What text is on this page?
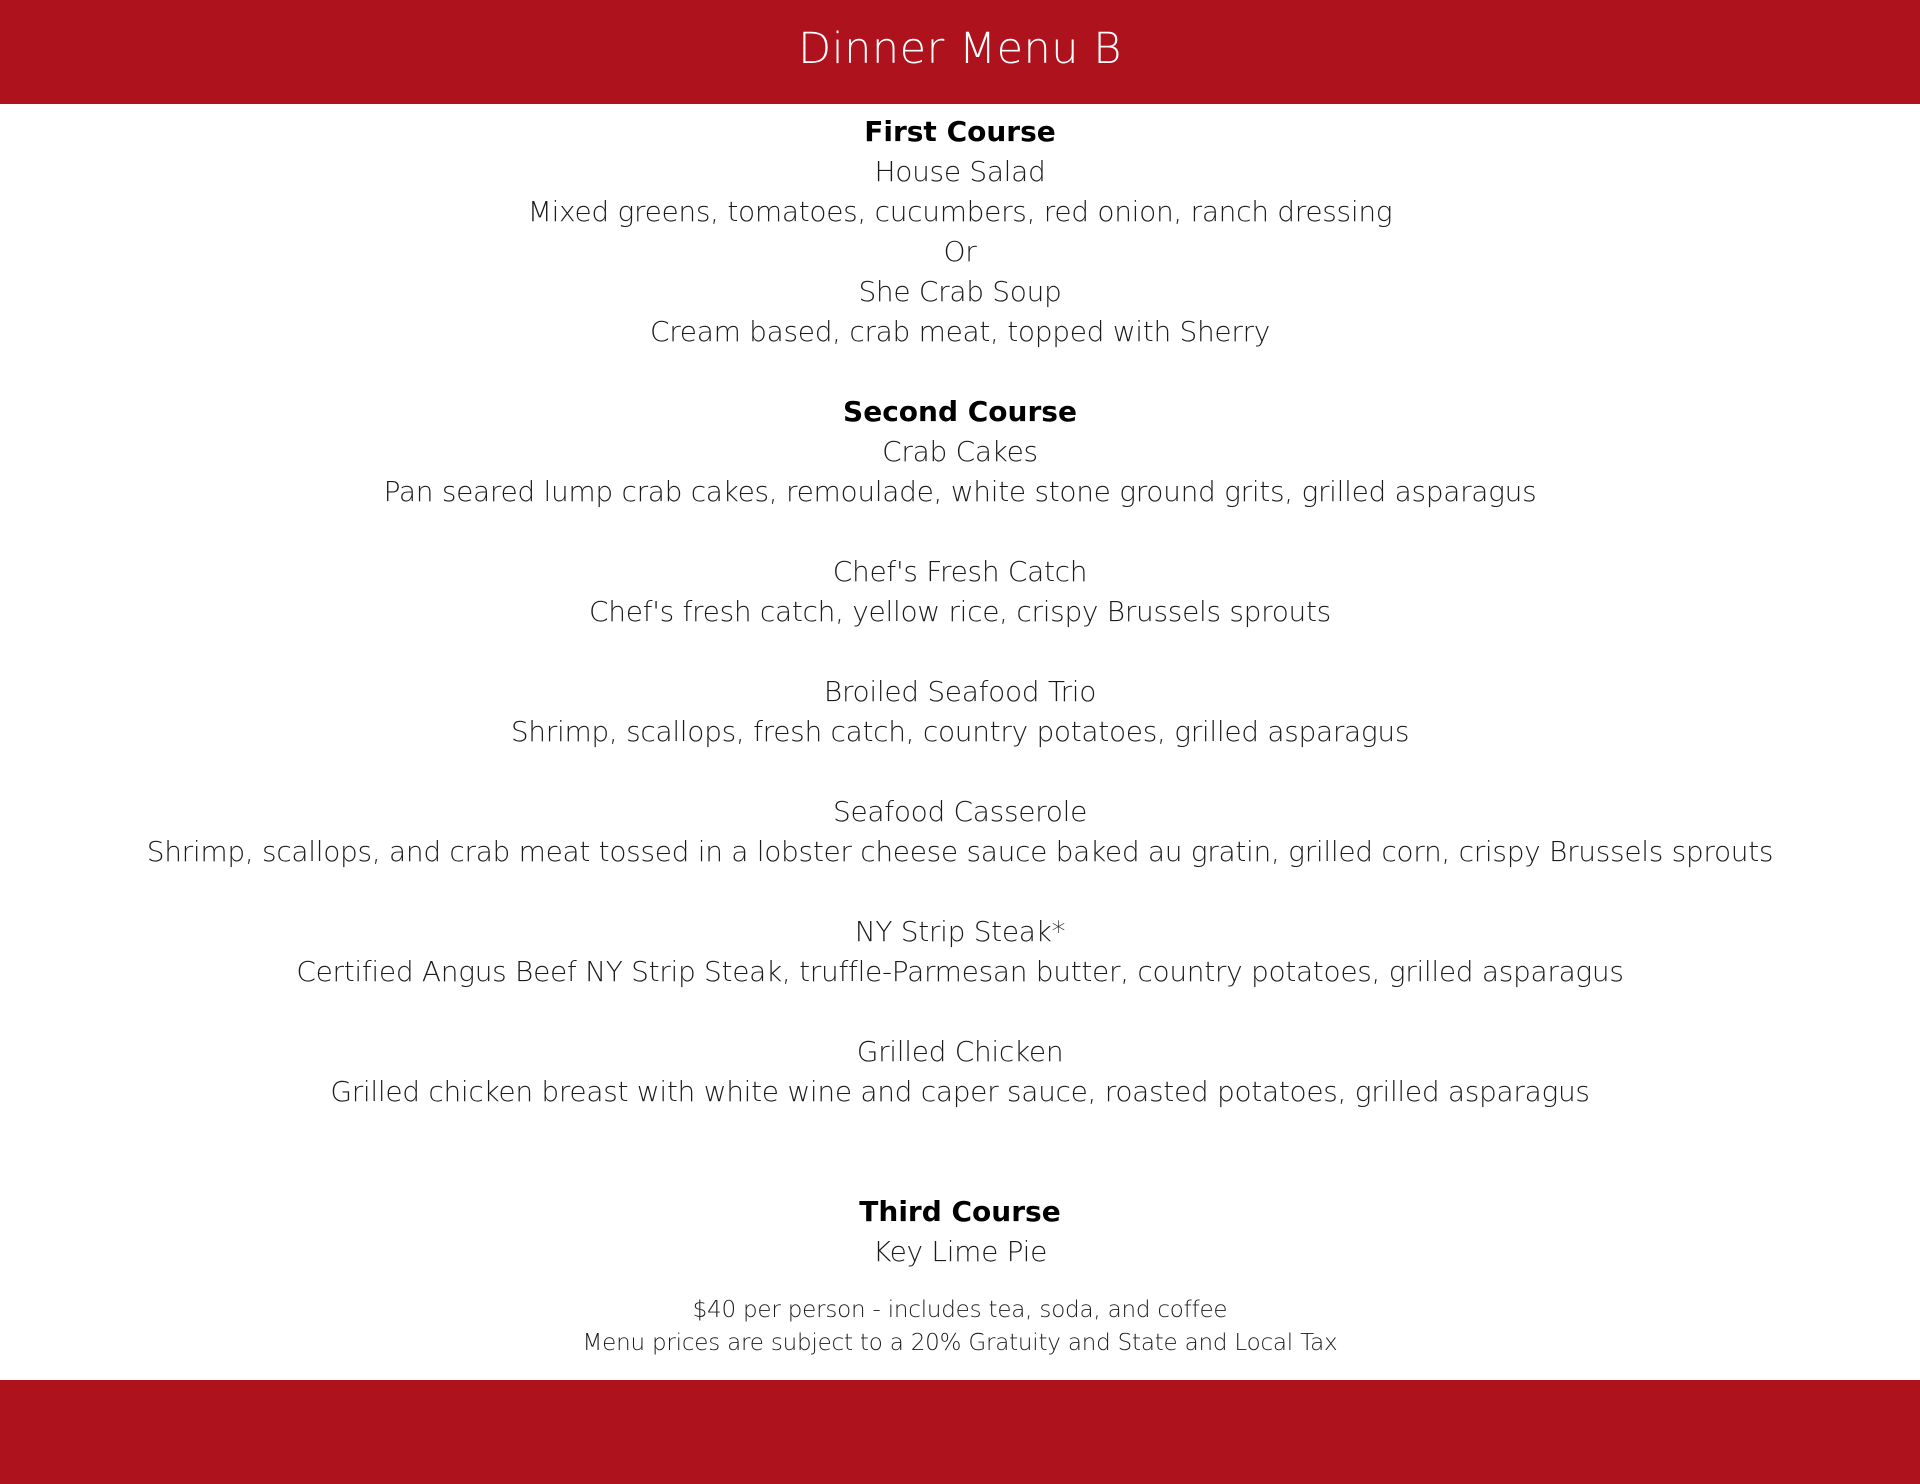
Dinner Menu B
First Course
House Salad
Mixed greens, tomatoes, cucumbers, red onion, ranch dressing
Or
She Crab Soup
Cream based, crab meat, topped with Sherry
Second Course
Crab Cakes
Pan seared lump crab cakes, remoulade, white stone ground grits, grilled asparagus
Chef's Fresh Catch
Chef's fresh catch, yellow rice, crispy Brussels sprouts
Broiled Seafood Trio
Shrimp, scallops, fresh catch, country potatoes, grilled asparagus
Seafood Casserole
Shrimp, scallops, and crab meat tossed in a lobster cheese sauce baked au gratin, grilled corn, crispy Brussels sprouts
NY Strip Steak*
Certified Angus Beef NY Strip Steak, truffle-Parmesan butter, country potatoes, grilled asparagus
Grilled Chicken
Grilled chicken breast with white wine and caper sauce, roasted potatoes, grilled asparagus
Third Course
Key Lime Pie
$40 per person - includes tea, soda, and coffee
Menu prices are subject to a 20% Gratuity and State and Local Tax
